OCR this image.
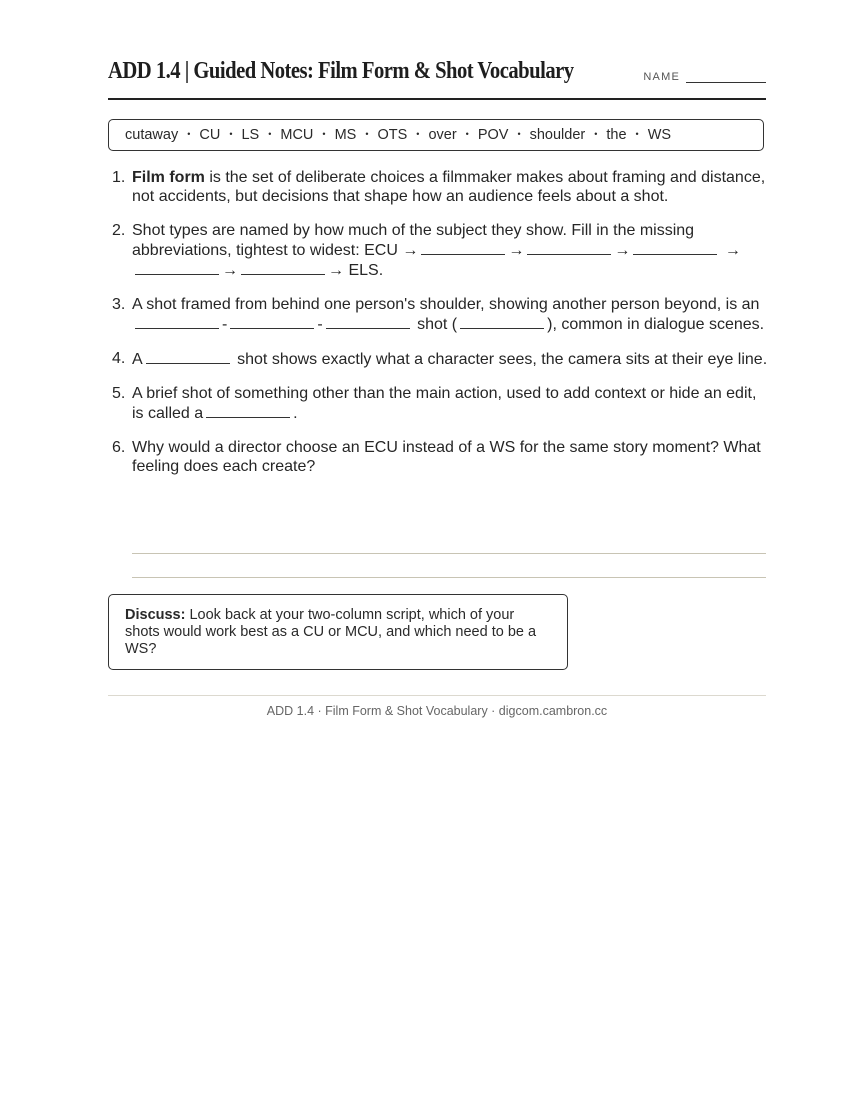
ADD 1.4 | Guided Notes: Film Form & Shot Vocabulary	NAME
cutaway • CU • LS • MCU • MS • OTS • over • POV • shoulder • the • WS
1. Film form is the set of deliberate choices a filmmaker makes about framing and distance, not accidents, but decisions that shape how an audience feels about a shot.
2. Shot types are named by how much of the subject they show. Fill in the missing abbreviations, tightest to widest: ECU →	→	→	→→	→ ELS.
3. A shot framed from behind one person's shoulder, showing another person beyond, is an-	-	shot (	), common in dialogue scenes.
4. A	shot shows exactly what a character sees, the camera sits at their eye line.
5. A brief shot of something other than the main action, used to add context or hide an edit, is called a	.
6. Why would a director choose an ECU instead of a WS for the same story moment? What feeling does each create?
Discuss: Look back at your two-column script, which of your shots would work best as a CU or MCU, and which need to be a WS?
ADD 1.4 · Film Form & Shot Vocabulary · digcom.cambron.cc
